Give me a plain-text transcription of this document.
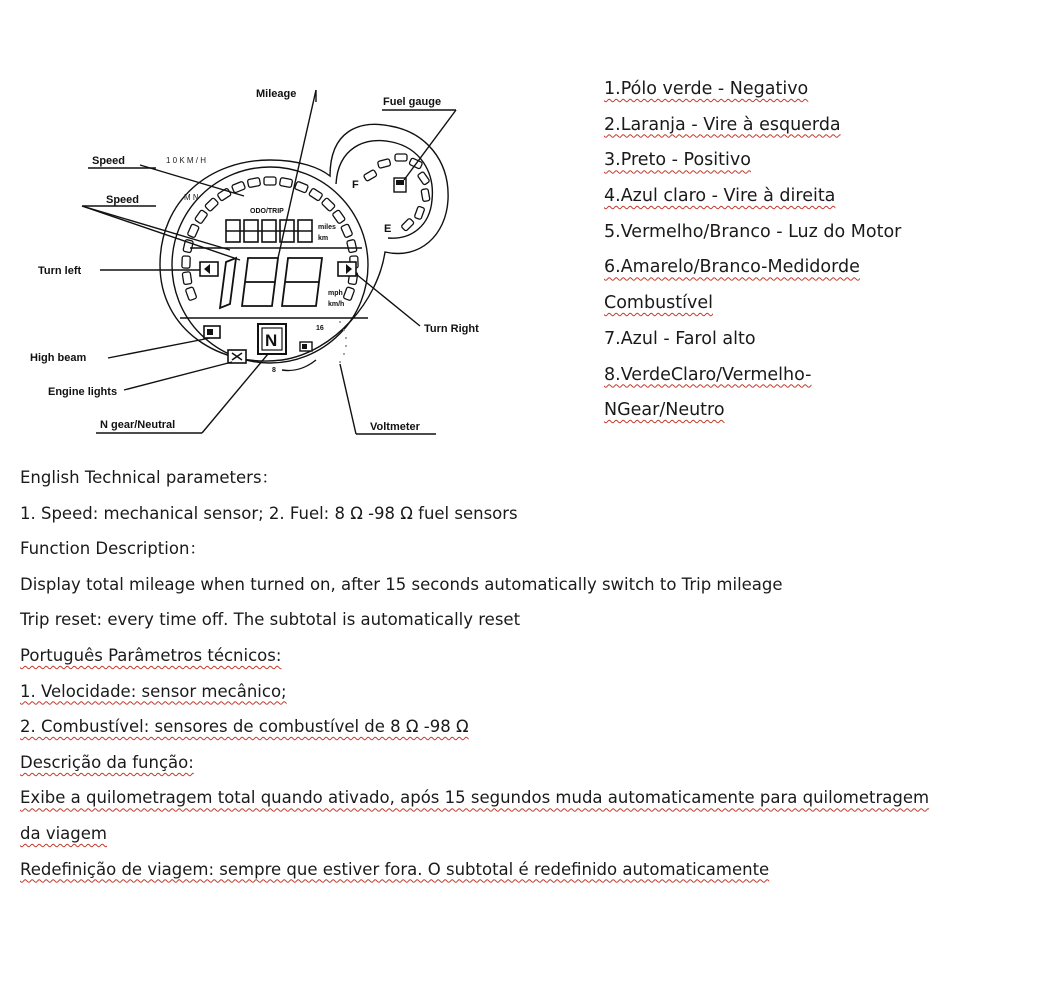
F
E
1 0 K M / H
M N
ODO/TRIP
miles
km
mph
km/h
N
16
8
Mileage
Fuel gauge
Speed
Speed
Turn left
Turn Right
High beam
Engine lights
N gear/Neutral	Voltmeter
1.Pólo verde - Negativo
2.Laranja - Vire à esquerda
3.Preto - Positivo
4.Azul claro - Vire à direita
5.Vermelho/Branco - Luz do Motor
6.Amarelo/Branco-Medidorde
Combustível
7.Azul - Farol alto
8.VerdeClaro/Vermelho-
NGear/Neutro

English Technical parameters：

1. Speed: mechanical sensor; 2. Fuel: 8 Ω -98 Ω fuel sensors

Function Description：

Display total mileage when turned on, after 15 seconds automatically switch to Trip mileage

Trip reset: every time off. The subtotal is automatically reset

Português Parâmetros técnicos:

1. Velocidade: sensor mecânico;

2. Combustível: sensores de combustível de 8 Ω -98 Ω

Descrição da função:

Exibe a quilometragem total quando ativado, após 15 segundos muda automaticamente para quilometragem

da viagem

Redefinição de viagem: sempre que estiver fora. O subtotal é redefinido automaticamente
